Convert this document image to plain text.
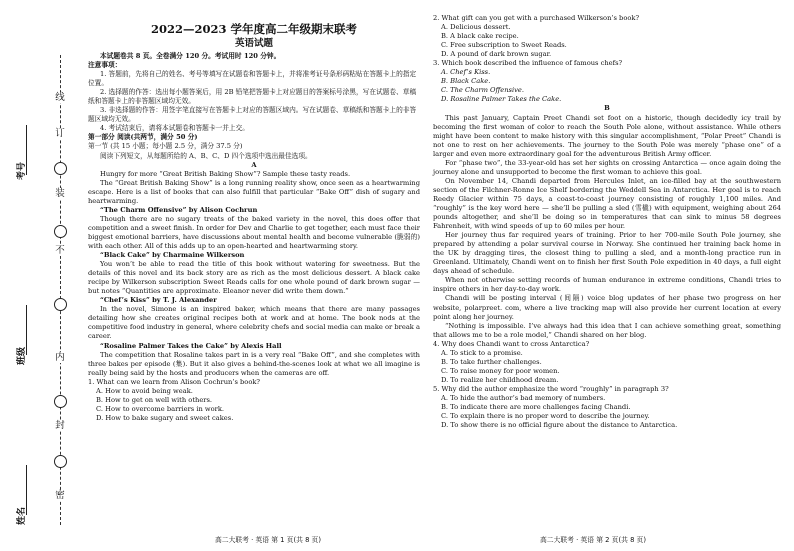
线
订
装
不
内
封
密
考号
班级
姓名
2022—2023 学年度高二年级期末联考
英语试题

本试题卷共 8 页。全卷满分 120 分。考试用时 120 分钟。

注意事项：

1. 答题前，先将自己的姓名、考号等填写在试题卷和答题卡上，并将准考证号条形码粘贴在答题卡上的指定位置。

2. 选择题的作答：选出每小题答案后，用 2B 铅笔把答题卡上对应题目的答案标号涂黑，写在试题卷、草稿纸和答题卡上的非答题区域均无效。

3. 非选择题的作答：用签字笔直接写在答题卡上对应的答题区域内。写在试题卷、草稿纸和答题卡上的非答题区域均无效。

4. 考试结束后，请将本试题卷和答题卡一并上交。

第一部分 阅读(共两节，满分 50 分)

第一节 (共 15 小题；每小题 2.5 分，满分 37.5 分)

阅读下列短文，从每题所给的 A、B、C、D 四个选项中选出最佳选项。

A

Hungry for more “Great British Baking Show”? Sample these tasty reads.

The “Great British Baking Show” is a long running reality show, once seen as a heartwarming escape. Here is a list of books that can also fulfill that particular “Bake Off” dish of sugary and heartwarming.

“The Charm Offensive” by Alison Cochrun

Though there are no sugary treats of the baked variety in the novel, this does offer that competition and a sweet finish. In order for Dev and Charlie to get together, each must face their biggest emotional barriers, have discussions about mental health and become vulnerable (脆弱的) with each other. All of this adds up to an open-hearted and heartwarming story.

“Black Cake” by Charmaine Wilkerson

You won’t be able to read the title of this book without watering for sweetness. But the details of this novel and its back story are as rich as the most delicious dessert. A black cake recipe by Wilkerson subscription Sweet Reads calls for one whole pound of dark brown sugar — but notes “Quantities are approximate. Eleanor never did write them down.”

“Chef’s Kiss” by T. J. Alexander

In the novel, Simone is an inspired baker, which means that there are many passages detailing how she creates original recipes both at work and at home. The book nods at the competitive food industry in general, where celebrity chefs and social media can make or break a career.

“Rosaline Palmer Takes the Cake” by Alexis Hall

The competition that Rosaline takes part in is a very real “Bake Off”, and she completes with three bakes per episode (集). But it also gives a behind-the-scenes look at what we all imagine is really being said by the hosts and producers when the cameras are off.

1. What can we learn from Alison Cochrun’s book?

A. How to avoid being weak.

B. How to get on well with others.

C. How to overcome barriers in work.

D. How to bake sugary and sweet cakes.

2. What gift can you get with a purchased Wilkerson’s book?

A. Delicious dessert.

B. A black cake recipe.

C. Free subscription to Sweet Reads.

D. A pound of dark brown sugar.

3. Which book described the influence of famous chefs?

A. Chef’s Kiss.

B. Black Cake.

C. The Charm Offensive.

D. Rosaline Palmer Takes the Cake.

B

This past January, Captain Preet Chandi set foot on a historic, though decidedly icy trail by becoming the first woman of color to reach the South Pole alone, without assistance. While others might have been content to make history with this singular accomplishment, “Polar Preet” Chandi is not one to rest on her achievements. The journey to the South Pole was merely “phase one” of a larger and even more extraordinary goal for the adventurous British Army officer.

For “phase two”, the 33-year-old has set her sights on crossing Antarctica — once again doing the journey alone and unsupported to become the first woman to achieve this goal.

On November 14, Chandi departed from Hercules Inlet, an ice-filled bay at the southwestern section of the Filchner-Ronne Ice Shelf bordering the Weddell Sea in Antarctica. Her goal is to reach Reedy Glacier within 75 days, a coast-to-coast journey consisting of roughly 1,100 miles. And “roughly” is the key word here — she’ll be pulling a sled (雪橇) with equipment, weighing about 264 pounds altogether, and she’ll be doing so in temperatures that can sink to minus 58 degrees Fahrenheit, with wind speeds of up to 60 miles per hour.

Her journey thus far required years of training. Prior to her 700-mile South Pole journey, she prepared by attending a polar survival course in Norway. She continued her training back home in the UK by dragging tires, the closest thing to pulling a sled, and a month-long practice run in Greenland. Ultimately, Chandi went on to finish her first South Pole expedition in 40 days, a full eight days ahead of schedule.

When not otherwise setting records of human endurance in extreme conditions, Chandi tries to inspire others in her day-to-day work.

Chandi will be posting interval (间隔) voice blog updates of her phase two progress on her website, polarpreet. com, where a live tracking map will also provide her current location at every point along her journey.

“Nothing is impossible. I’ve always had this idea that I can achieve something great, something that allows me to be a role model,” Chandi shared on her blog.

4. Why does Chandi want to cross Antarctica?

A. To stick to a promise.

B. To take further challenges.

C. To raise money for poor women.

D. To realize her childhood dream.

5. Why did the author emphasize the word “roughly” in paragraph 3?

A. To hide the author’s bad memory of numbers.

B. To indicate there are more challenges facing Chandi.

C. To explain there is no proper word to describe the journey.

D. To show there is no official figure about the distance to Antarctica.

高二大联考 · 英语 第 1 页(共 8 页)	高二大联考 · 英语 第 2 页(共 8 页)
